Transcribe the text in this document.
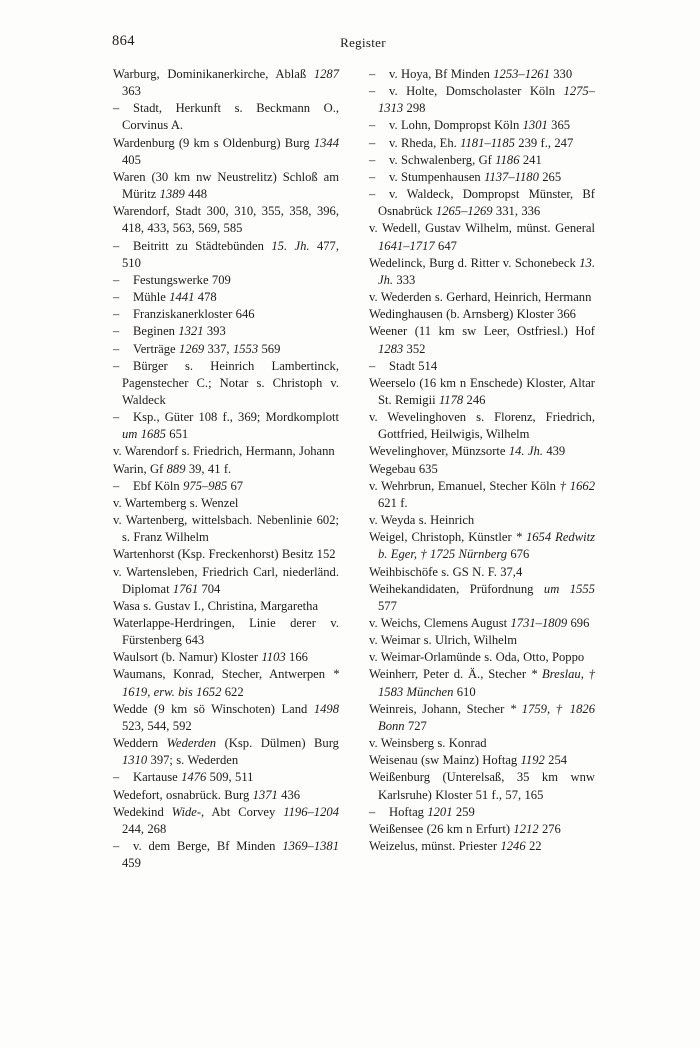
864	Register

Warburg, Dominikanerkirche, Ablaß 1287 363

– Stadt, Herkunft s. Beckmann O., Corvinus A.

Wardenburg (9 km s Oldenburg) Burg 1344 405

Waren (30 km nw Neustrelitz) Schloß am Müritz 1389 448

Warendorf, Stadt 300, 310, 355, 358, 396, 418, 433, 563, 569, 585

– Beitritt zu Städtebünden 15. Jh. 477, 510

– Festungswerke 709

– Mühle 1441 478

– Franziskanerkloster 646

– Beginen 1321 393

– Verträge 1269 337, 1553 569

– Bürger s. Heinrich Lambertinck, Pagenstecher C.; Notar s. Christoph v. Waldeck

– Ksp., Güter 108 f., 369; Mordkomplott um 1685 651

v. Warendorf s. Friedrich, Hermann, Johann

Warin, Gf 889 39, 41 f.

– Ebf Köln 975–985 67

v. Wartemberg s. Wenzel

v. Wartenberg, wittelsbach. Nebenlinie 602; s. Franz Wilhelm

Wartenhorst (Ksp. Freckenhorst) Besitz 152

v. Wartensleben, Friedrich Carl, niederländ. Diplomat 1761 704

Wasa s. Gustav I., Christina, Margaretha

Waterlappe-Herdringen, Linie derer v. Fürstenberg 643

Waulsort (b. Namur) Kloster 1103 166

Waumans, Konrad, Stecher, Antwerpen * 1619, erw. bis 1652 622

Wedde (9 km sö Winschoten) Land 1498 523, 544, 592

Weddern Wederden (Ksp. Dülmen) Burg 1310 397; s. Wederden

– Kartause 1476 509, 511

Wedefort, osnabrück. Burg 1371 436

Wedekind Wide-, Abt Corvey 1196–1204 244, 268

– v. dem Berge, Bf Minden 1369–1381 459

– v. Hoya, Bf Minden 1253–1261 330

– v. Holte, Domscholaster Köln 1275–1313 298

– v. Lohn, Dompropst Köln 1301 365

– v. Rheda, Eh. 1181–1185 239 f., 247

– v. Schwalenberg, Gf 1186 241

– v. Stumpenhausen 1137–1180 265

– v. Waldeck, Dompropst Münster, Bf Osnabrück 1265–1269 331, 336

v. Wedell, Gustav Wilhelm, münst. General 1641–1717 647

Wedelinck, Burg d. Ritter v. Schonebeck 13. Jh. 333

v. Wederden s. Gerhard, Heinrich, Hermann

Wedinghausen (b. Arnsberg) Kloster 366

Weener (11 km sw Leer, Ostfriesl.) Hof 1283 352

– Stadt 514

Weerselo (16 km n Enschede) Kloster, Altar St. Remigii 1178 246

v. Wevelinghoven s. Florenz, Friedrich, Gottfried, Heilwigis, Wilhelm

Wevelinghover, Münzsorte 14. Jh. 439

Wegebau 635

v. Wehrbrun, Emanuel, Stecher Köln † 1662 621 f.

v. Weyda s. Heinrich

Weigel, Christoph, Künstler * 1654 Redwitz b. Eger, † 1725 Nürnberg 676

Weihbischöfe s. GS N. F. 37,4

Weihekandidaten, Prüfordnung um 1555 577

v. Weichs, Clemens August 1731–1809 696

v. Weimar s. Ulrich, Wilhelm

v. Weimar-Orlamünde s. Oda, Otto, Poppo

Weinherr, Peter d. Ä., Stecher * Breslau, † 1583 München 610

Weinreis, Johann, Stecher * 1759, † 1826 Bonn 727

v. Weinsberg s. Konrad

Weisenau (sw Mainz) Hoftag 1192 254

Weißenburg (Unterelsaß, 35 km wnw Karlsruhe) Kloster 51 f., 57, 165

– Hoftag 1201 259

Weißensee (26 km n Erfurt) 1212 276

Weizelus, münst. Priester 1246 22
